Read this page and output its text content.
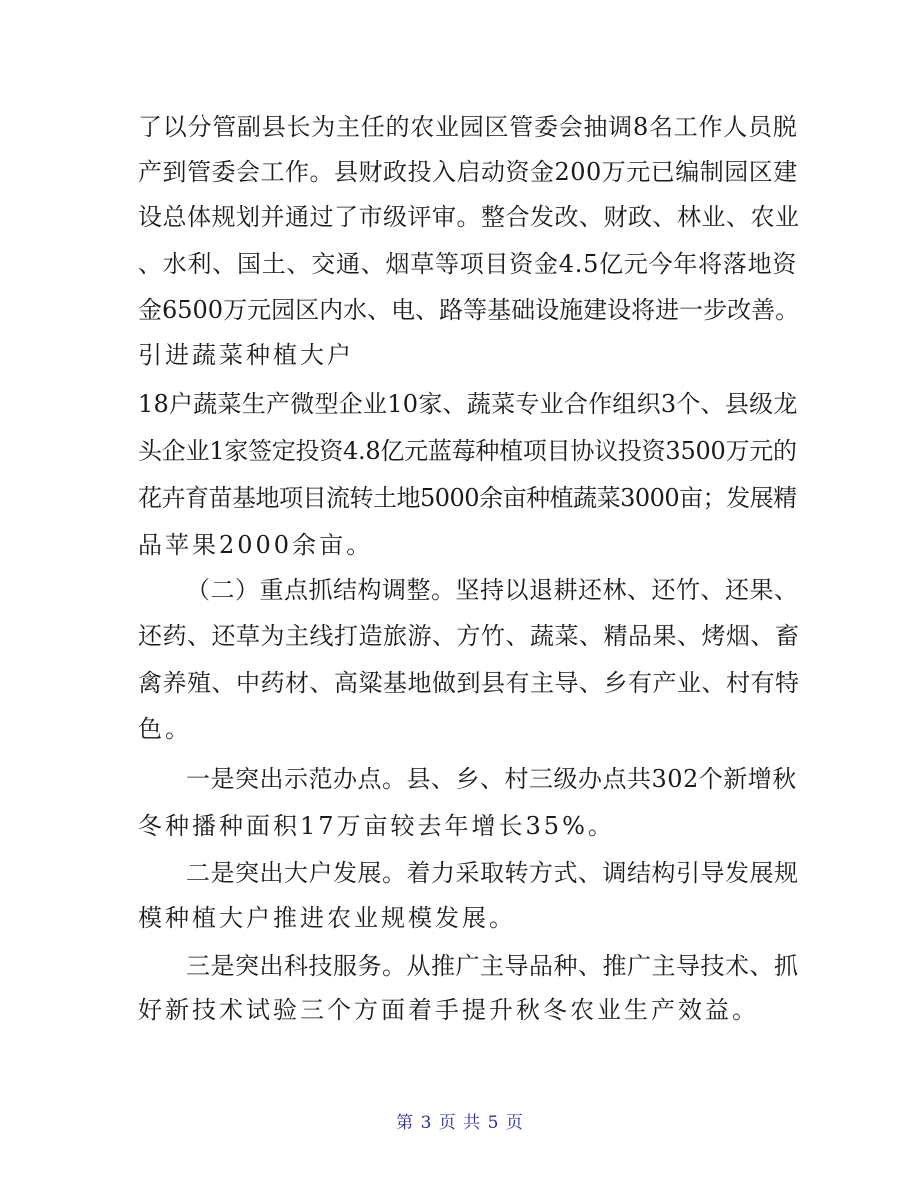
了以分管副县长为主任的农业园区管委会抽调8名工作人员脱
产到管委会工作。县财政投入启动资金200万元已编制园区建
设总体规划并通过了市级评审。整合发改、财政、林业、农业
、水利、国土、交通、烟草等项目资金4.5亿元今年将落地资
金6500万元园区内水、电、路等基础设施建设将进一步改善。
引进蔬菜种植大户
18户蔬菜生产微型企业10家、蔬菜专业合作组织3个、县级龙
头企业1家签定投资4.8亿元蓝莓种植项目协议投资3500万元的
花卉育苗基地项目流转土地5000余亩种植蔬菜3000亩；发展精
品苹果2000余亩。
（二）重点抓结构调整。坚持以退耕还林、还竹、还果、
还药、还草为主线打造旅游、方竹、蔬菜、精品果、烤烟、畜
禽养殖、中药材、高粱基地做到县有主导、乡有产业、村有特
色。
一是突出示范办点。县、乡、村三级办点共302个新增秋
冬种播种面积17万亩较去年增长35%。
二是突出大户发展。着力采取转方式、调结构引导发展规
模种植大户推进农业规模发展。
三是突出科技服务。从推广主导品种、推广主导技术、抓
好新技术试验三个方面着手提升秋冬农业生产效益。
第 3 页 共 5 页
